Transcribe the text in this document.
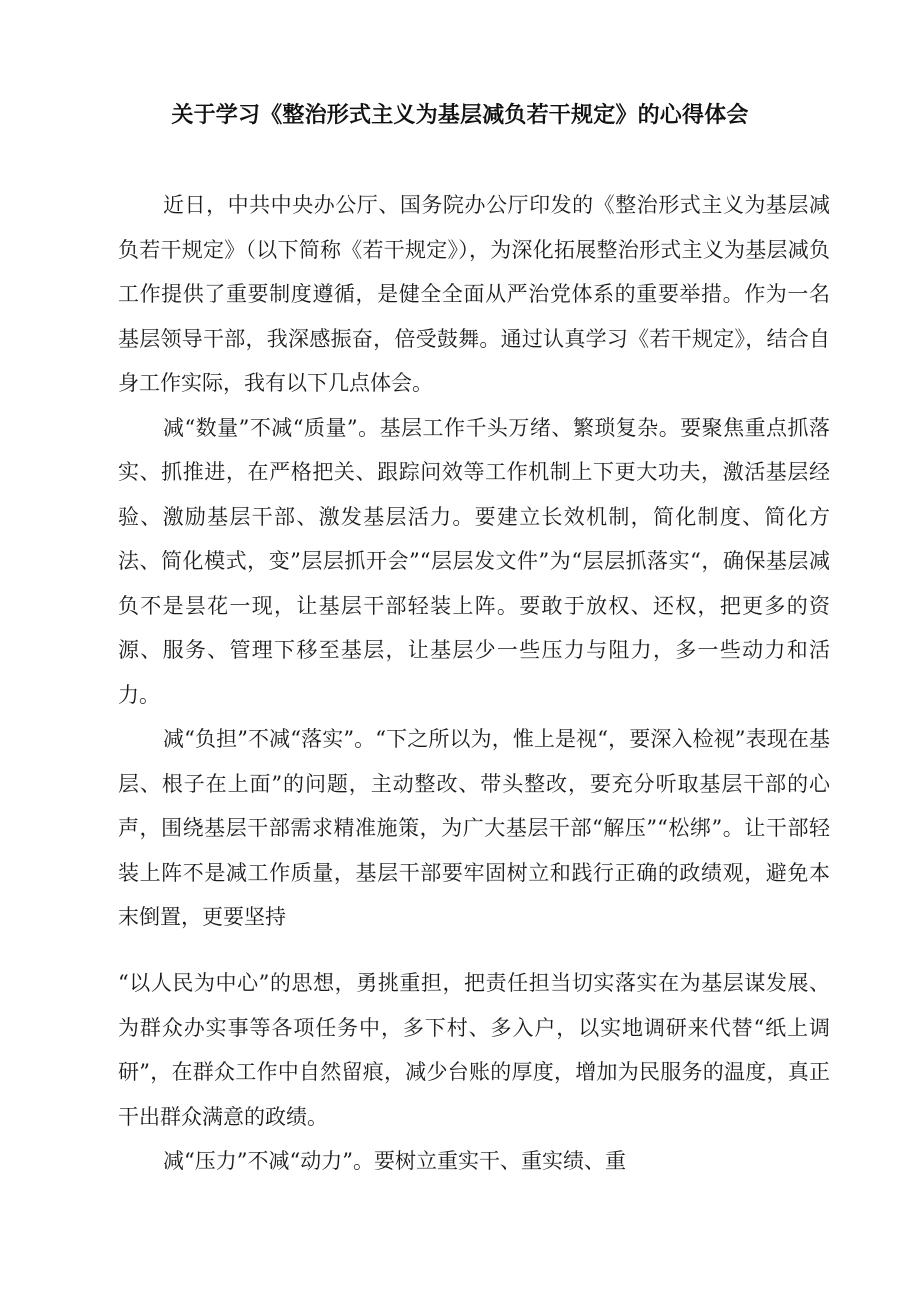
关于学习《整治形式主义为基层减负若干规定》的心得体会

近日，中共中央办公厅、国务院办公厅印发的《整治形式主义为基层减负若干规定》（以下简称《若干规定》），为深化拓展整治形式主义为基层减负工作提供了重要制度遵循，是健全全面从严治党体系的重要举措。作为一名基层领导干部，我深感振奋，倍受鼓舞。通过认真学习《若干规定》，结合自身工作实际，我有以下几点体会。

减“数量”不减“质量”。基层工作千头万绪、繁琐复杂。要聚焦重点抓落实、抓推进，在严格把关、跟踪问效等工作机制上下更大功夫，激活基层经验、激励基层干部、激发基层活力。要建立长效机制，简化制度、简化方法、简化模式，变”层层抓开会”“层层发文件”为“层层抓落实“，确保基层减负不是昙花一现，让基层干部轻装上阵。要敢于放权、还权，把更多的资源、服务、管理下移至基层，让基层少一些压力与阻力，多一些动力和活力。

减“负担”不减“落实”。“下之所以为，惟上是视“，要深入检视”表现在基层、根子在上面”的问题，主动整改、带头整改，要充分听取基层干部的心声，围绕基层干部需求精准施策，为广大基层干部“解压”“松绑”。让干部轻装上阵不是减工作质量，基层干部要牢固树立和践行正确的政绩观，避免本末倒置，更要坚持

“以人民为中心”的思想，勇挑重担，把责任担当切实落实在为基层谋发展、为群众办实事等各项任务中，多下村、多入户，以实地调研来代替“纸上调研”，在群众工作中自然留痕，减少台账的厚度，增加为民服务的温度，真正干出群众满意的政绩。

减“压力”不减“动力”。要树立重实干、重实绩、重
